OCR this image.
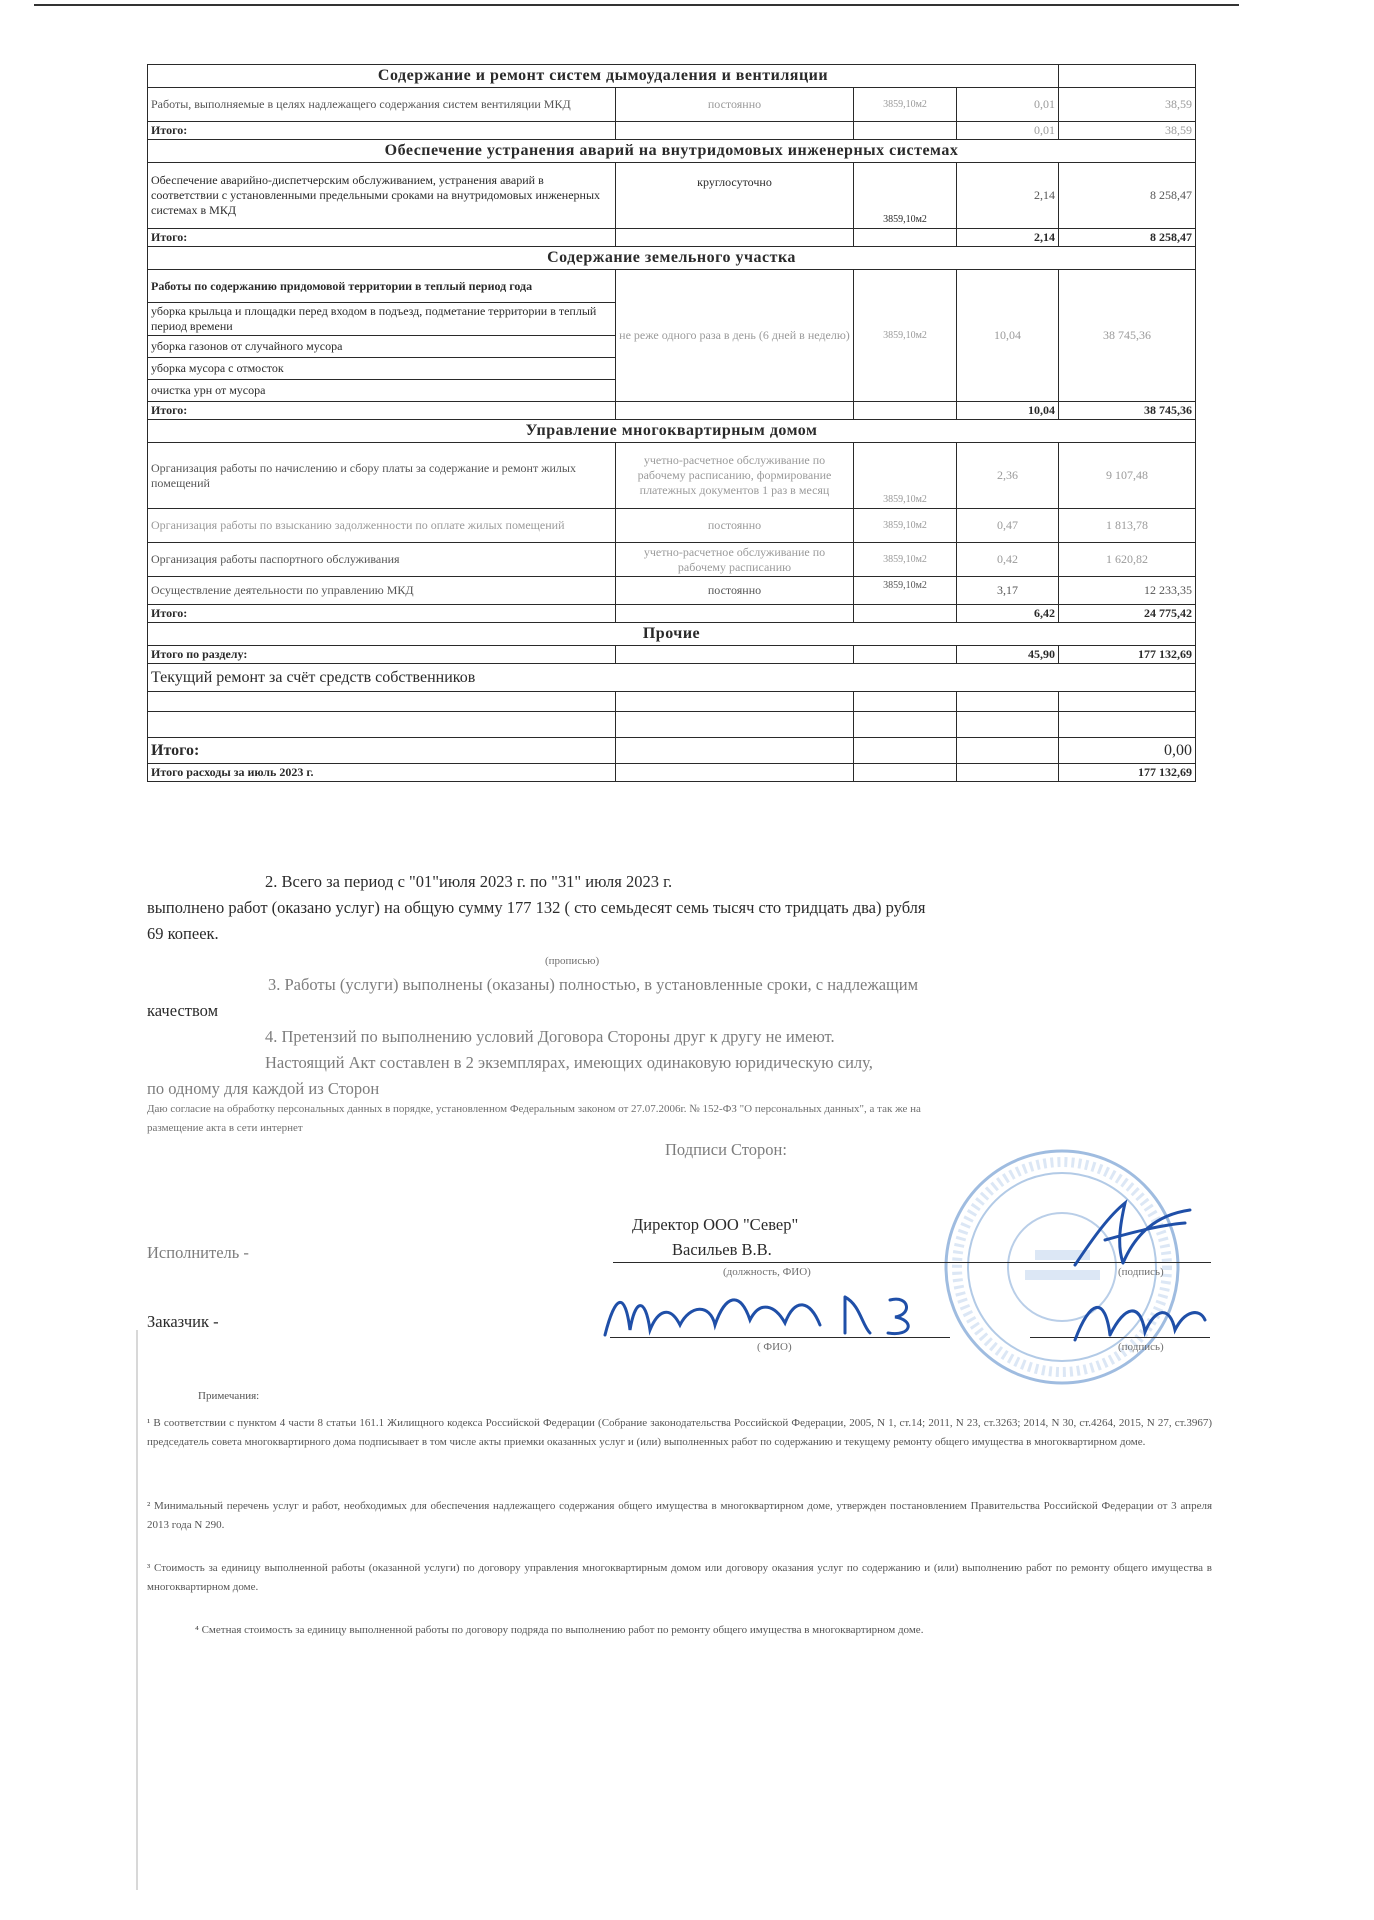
Содержание и ремонт систем дымоудаления и вентиляции				
Работы, выполняемые в целях надлежащего содержания систем вентиляции МКД	постоянно	3859,10м2	0,01	38,59
Итого:			0,01	38,59
Обеспечение устранения аварий на внутридомовых инженерных системах				
Обеспечение аварийно-диспетчерским обслуживанием, устранения аварий в соответствии с установленными предельными сроками на внутридомовых инженерных системах в МКД	круглосуточно	3859,10м2	2,14	8 258,47
Итого:			2,14	8 258,47
Содержание земельного участка				
Работы по содержанию придомовой территории в теплый период года	не реже одного раза в день (6 дней в неделю)	3859,10м2	10,04	38 745,36
уборка крыльца и площадки перед входом в подъезд, подметание территории в теплый период времени				
уборка газонов от случайного мусора				
уборка мусора с отмосток				
очистка урн от мусора				
Итого:			10,04	38 745,36
Управление многоквартирным домом				
Организация работы по начислению и сбору платы за содержание и ремонт жилых помещений	учетно-расчетное обслуживание по рабочему расписанию, формирование платежных документов 1 раз в месяц	3859,10м2	2,36	9 107,48
Организация работы по взысканию задолженности по оплате жилых помещений	постоянно	3859,10м2	0,47	1 813,78
Организация работы паспортного обслуживания	учетно-расчетное обслуживание по рабочему расписанию	3859,10м2	0,42	1 620,82
Осуществление деятельности по управлению МКД	постоянно	3859,10м2	3,17	12 233,35
Итого:			6,42	24 775,42
Прочие				
Итого по разделу:			45,90	177 132,69
Текущий ремонт за счёт средств собственников				

Итого:				0,00
Итого расходы за июль 2023 г.				177 132,69
2. Всего за период с "01"июля 2023 г. по "31" июля 2023 г.
выполнено работ (оказано услуг) на общую сумму 177 132 ( сто семьдесят семь тысяч сто тридцать два) рубля
69 копеек.
(прописью)
3. Работы (услуги) выполнены (оказаны) полностью, в установленные сроки, с надлежащим
качеством
4. Претензий по выполнению условий Договора Стороны друг к другу не имеют.
Настоящий Акт составлен в 2 экземплярах, имеющих одинаковую юридическую силу,
по одному для каждой из Сторон
Даю согласие на обработку персональных данных в порядке, установленном Федеральным законом от 27.07.2006г. № 152-ФЗ "О персональных данных", а так же на
размещение акта в сети интернет
Подписи Сторон:
Директор ООО "Север"
Васильев В.В.
Исполнитель -
(должность, ФИО)	(подпись)
Заказчик -
( ФИО)	(подпись)
Примечания:
¹ В соответствии с пунктом 4 части 8 статьи 161.1 Жилищного кодекса Российской Федерации (Собрание законодательства Российской Федерации, 2005, N 1, ст.14; 2011, N 23, ст.3263; 2014, N 30, ст.4264, 2015, N 27, ст.3967) председатель совета многоквартирного дома подписывает в том числе акты приемки оказанных услуг и (или) выполненных работ по содержанию и текущему ремонту общего имущества в многоквартирном доме.
² Минимальный перечень услуг и работ, необходимых для обеспечения надлежащего содержания общего имущества в многоквартирном доме, утвержден постановлением Правительства Российской Федерации от 3 апреля 2013 года N 290.
³ Стоимость за единицу выполненной работы (оказанной услуги) по договору управления многоквартирным домом или договору оказания услуг по содержанию и (или) выполнению работ по ремонту общего имущества в многоквартирном доме.
⁴ Сметная стоимость за единицу выполненной работы по договору подряда по выполнению работ по ремонту общего имущества в многоквартирном доме.
